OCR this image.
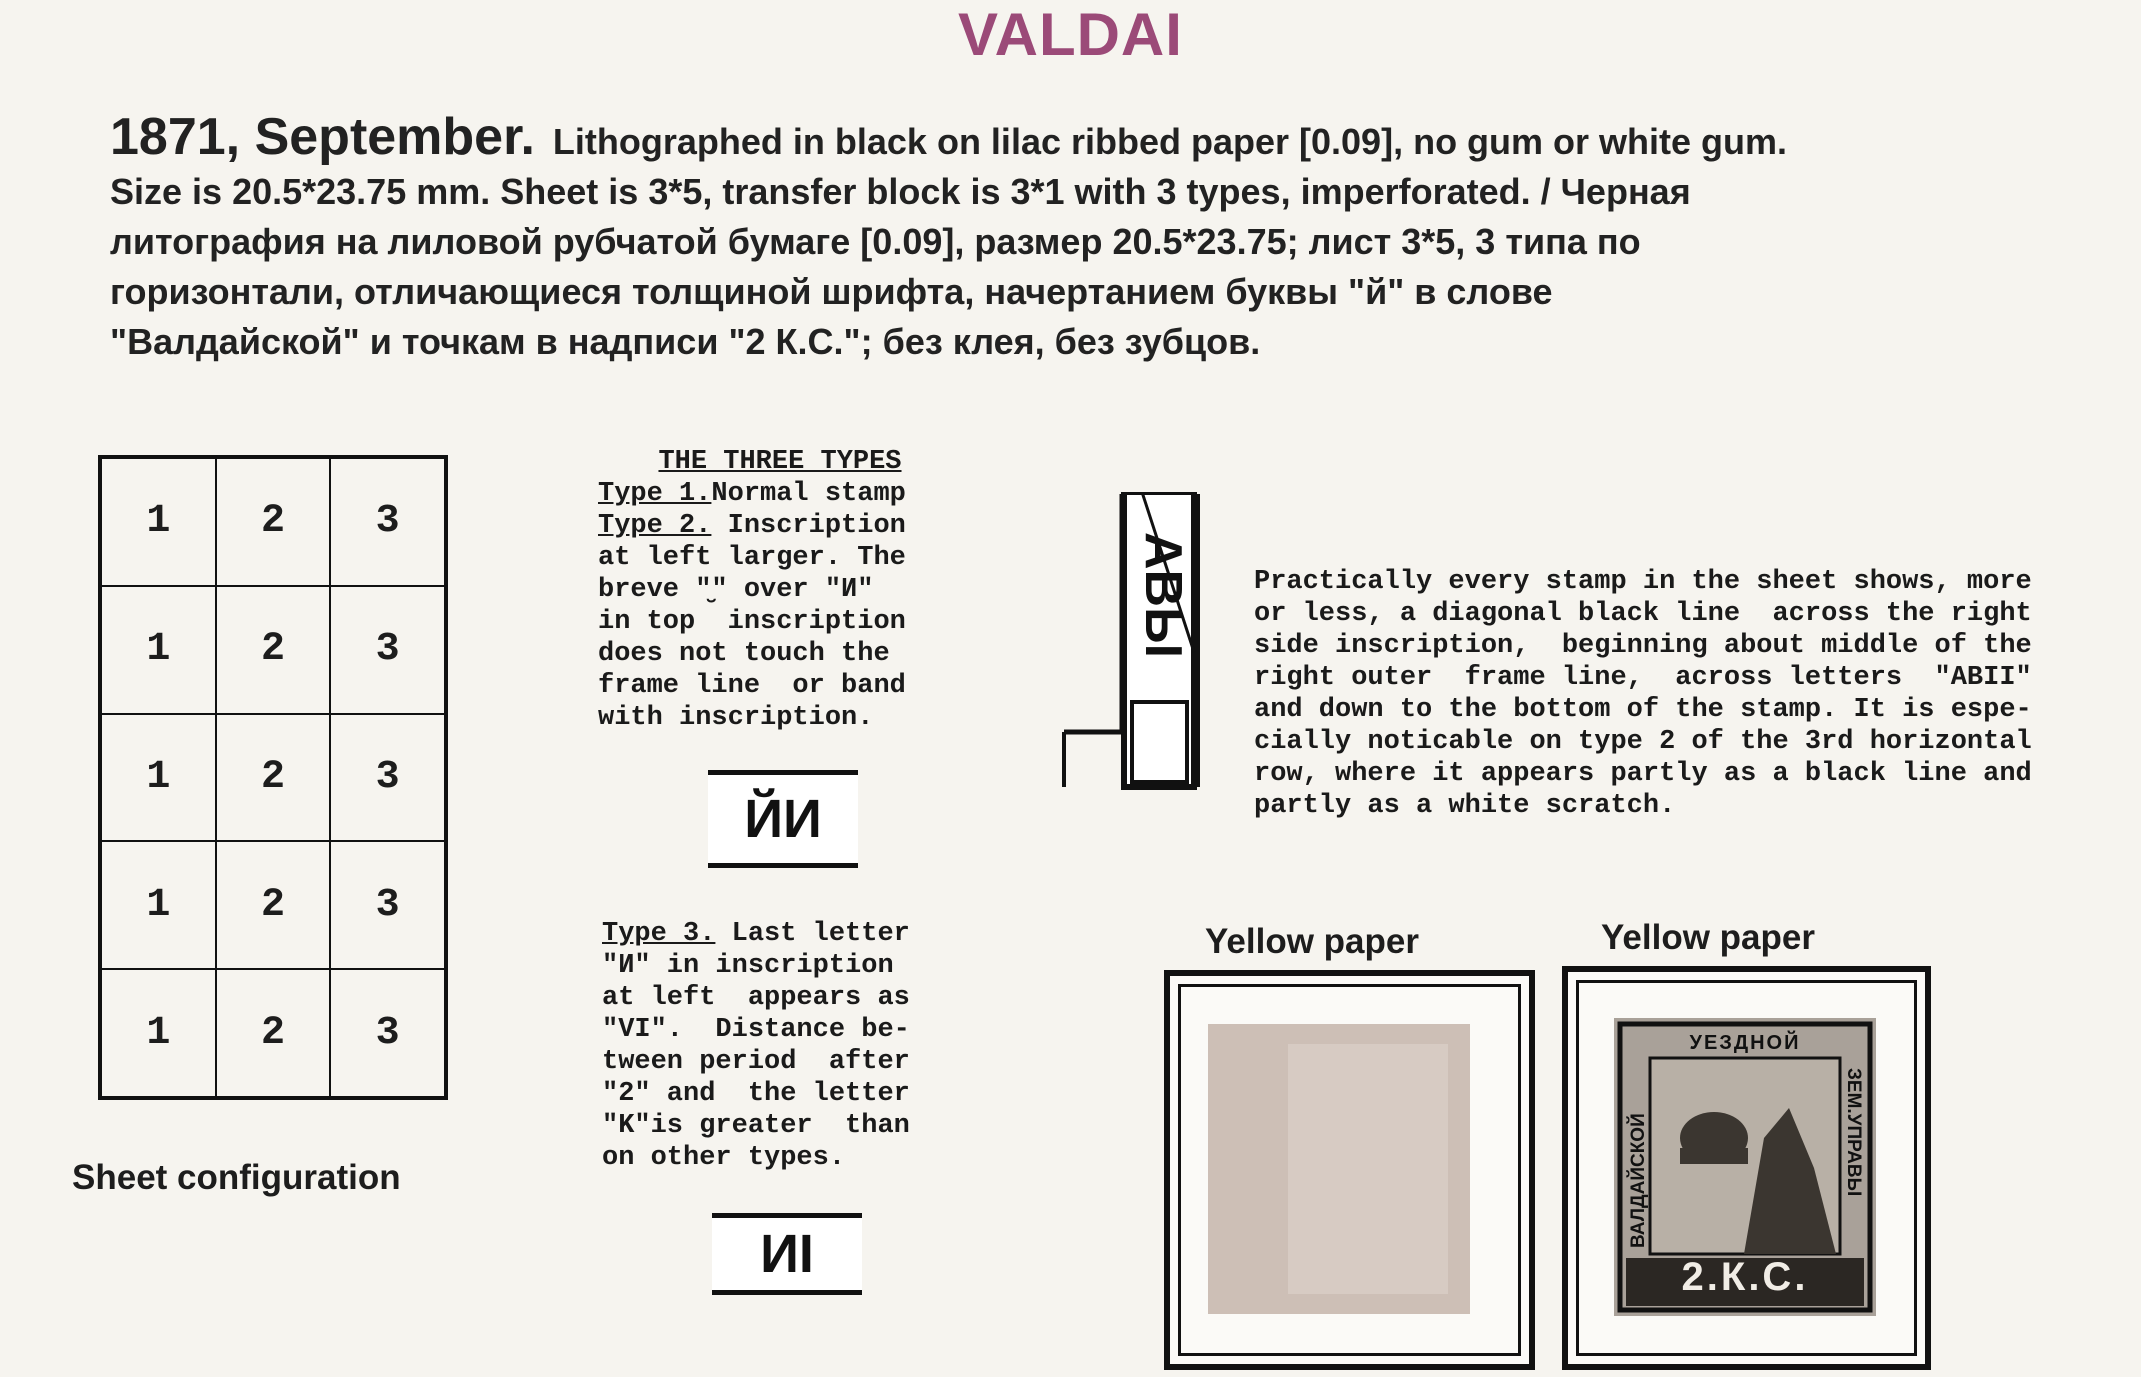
VALDAI
1871, September. Lithographed in black on lilac ribbed paper [0.09], no gum or white gum.
Size is 20.5*23.75 mm. Sheet is 3*5, transfer block is 3*1 with 3 types, imperforated. / Черная
литография на лиловой рубчатой бумаге [0.09], размер 20.5*23.75; лист 3*5, 3 типа по
горизонтали, отличающиеся толщиной шрифта, начертанием буквы "й" в слове
"Валдайской" и точкам в надписи "2 К.С."; без клея, без зубцов.
1	2	3
1	2	3
1	2	3
1	2	3
1	2	3
Sheet configuration
THE THREE TYPES
Type 1.Normal stamp
Type 2. Inscription
at left larger. The
breve "̮" over "И"
in top  inscription
does not touch the
frame line  or band
with inscription.
ЙИ
Type 3. Last letter
"И" in inscription
at left  appears as
"VI".  Distance be-
tween period  after
"2" and  the letter
"K"is greater  than
on other types.
ИI
АВЫ Practically every stamp in the sheet shows, more
or less, a diagonal black line  across the right
side inscription,  beginning about middle of the
right outer  frame line,  across letters  "ABII"
and down to the bottom of the stamp. It is espe-
cially noticable on type 2 of the 3rd horizontal
row, where it appears partly as a black line and
partly as a white scratch.
Yellow paper	Yellow paper
ВАЛДАЙСКОЙ	ЗЕМ.УПРАВЫ
УЕЗДНОЙ
2.К.С.
